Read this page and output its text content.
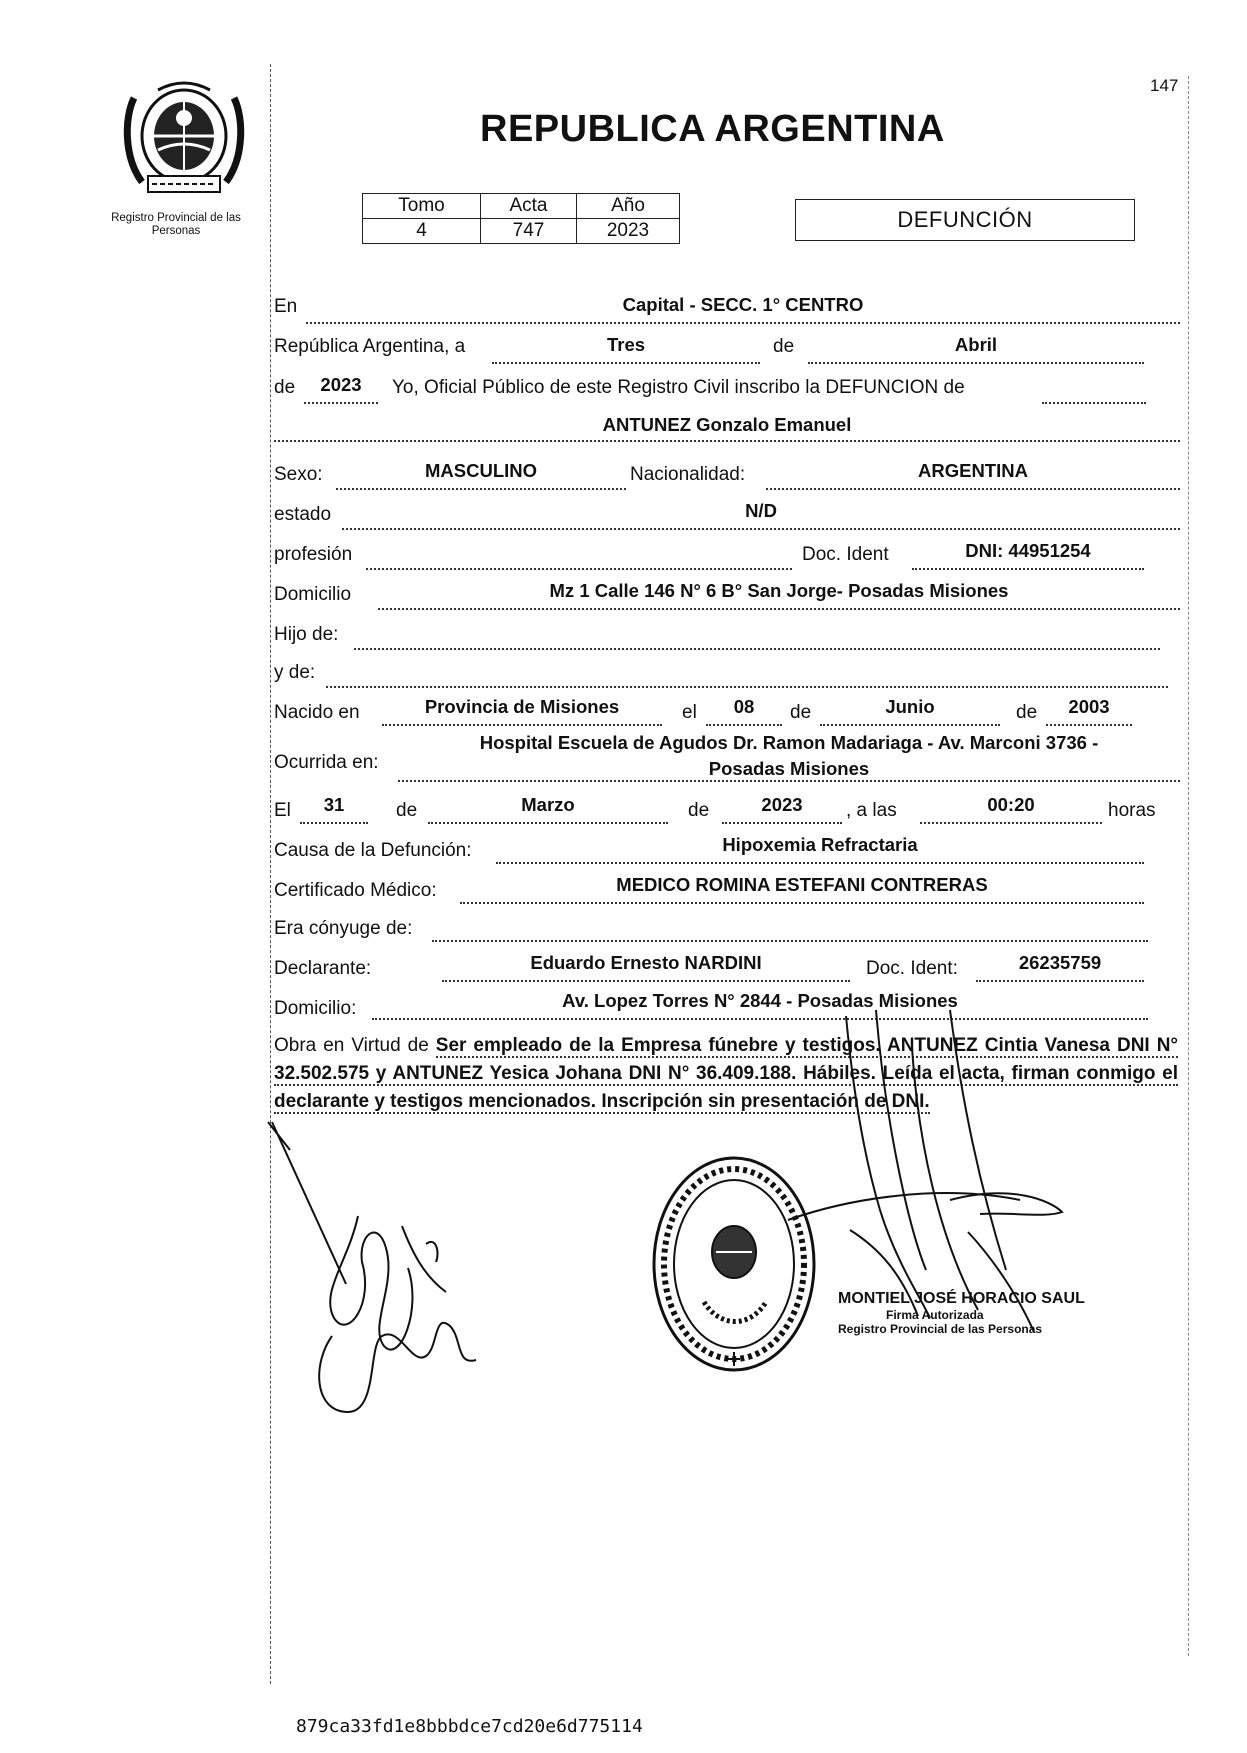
147
Registro Provincial de las Personas
REPUBLICA ARGENTINA
Tomo	Acta	Año
4	747	2023	DEFUNCIÓN
En	Capital - SECC. 1° CENTRO
República Argentina, a	Tres	de	Abril
de	2023	Yo, Oficial Público de este Registro Civil inscribo la DEFUNCION de
ANTUNEZ Gonzalo Emanuel
Sexo:	MASCULINO	Nacionalidad:	ARGENTINA
estado	N/D
profesión	Doc. Ident	DNI: 44951254
Domicilio	Mz 1 Calle 146 N° 6 B° San Jorge- Posadas Misiones
Hijo de:
y de:
Nacido en	Provincia de Misiones	el	08	de	Junio	de	2003
Ocurrida en:
Hospital Escuela de Agudos Dr. Ramon Madariaga - Av. Marconi 3736 -
Posadas Misiones
El	31	de	Marzo	de	2023	, a las	00:20	horas
Causa de la Defunción:	Hipoxemia Refractaria
Certificado Médico:	MEDICO ROMINA ESTEFANI CONTRERAS
Era cónyuge de:
Declarante:	Eduardo Ernesto NARDINI	Doc. Ident:	26235759
Domicilio:	Av. Lopez Torres N° 2844 - Posadas Misiones
Obra en Virtud de Ser empleado de la Empresa fúnebre y testigos. ANTUNEZ Cintia Vanesa DNI N° 32.502.575 y ANTUNEZ Yesica Johana DNI N° 36.409.188. Hábiles. Leída el acta, firman conmigo el declarante y testigos mencionados. Inscripción sin presentación de DNI.
MONTIEL JOSÉ HORACIO SAUL
Firma Autorizada
Registro Provincial de las Personas
879ca33fd1e8bbbdce7cd20e6d775114
